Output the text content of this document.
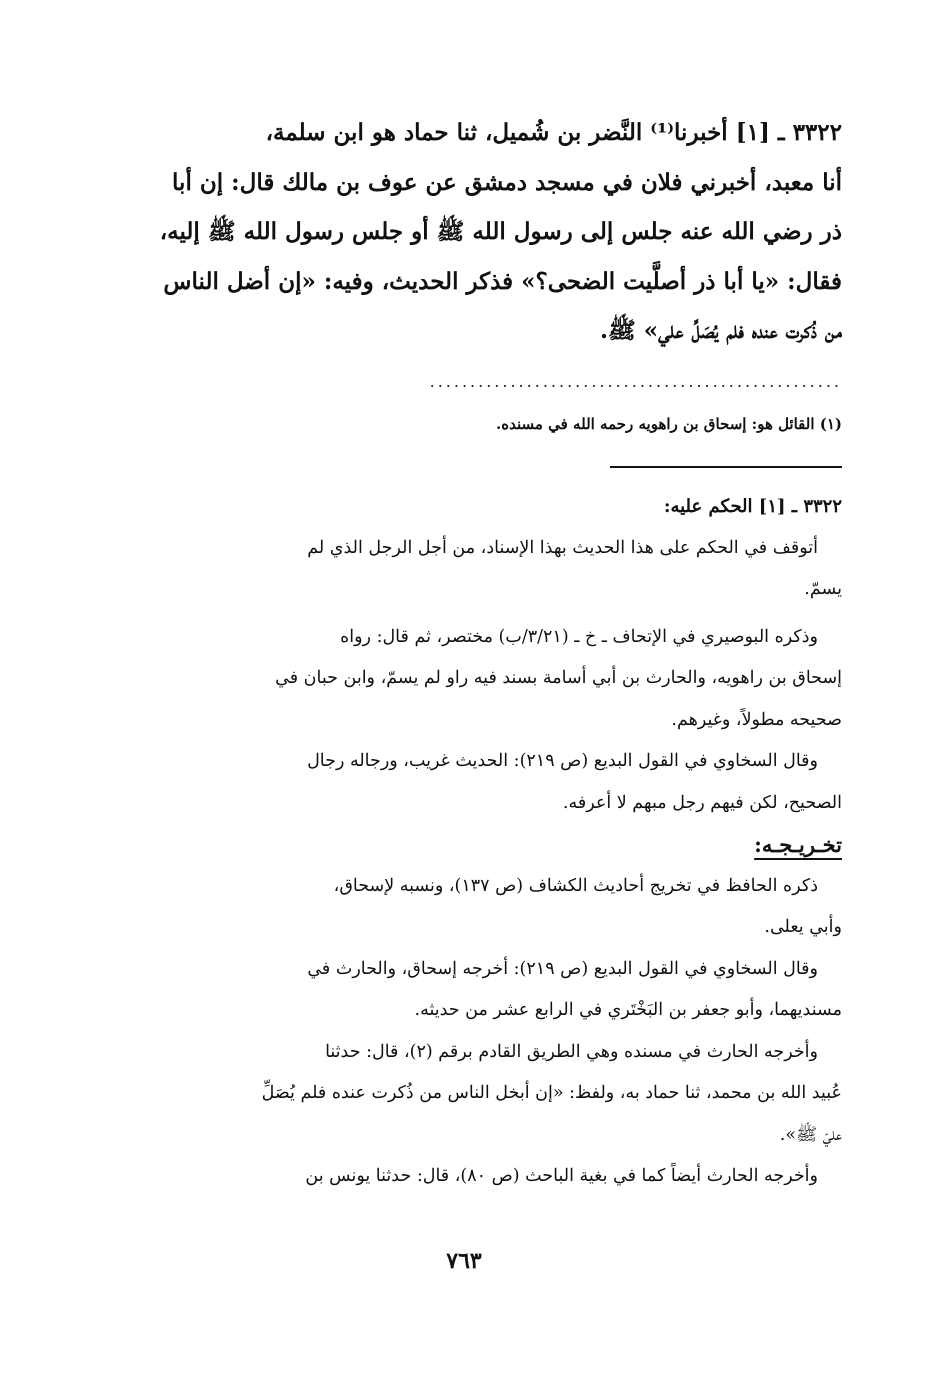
٣٣٢٢ ـ [١] أخبرنا⁽¹⁾ النَّضر بن شُميل، ثنا حماد هو ابن سلمة،
أنا معبد، أخبرني فلان في مسجد دمشق عن عوف بن مالك قال: إن أبا
ذر رضي الله عنه جلس إلى رسول الله ﷺ أو جلس رسول الله ﷺ إليه،
فقال: «يا أبا ذر أصلَّيت الضحى؟» فذكر الحديث، وفيه: «إن أضل الناس
من ذُكرت عنده فلم يُصَلِّ علي» ﷺ.
...................................................
(١) القائل هو: إسحاق بن راهويه رحمه الله في مسنده.
٣٣٢٢ ـ [١] الحكم عليه:
أتوقف في الحكم على هذا الحديث بهذا الإسناد، من أجل الرجل الذي لم
يسمّ.
وذكره البوصيري في الإتحاف ـ خ ـ (٣/٢١/ب) مختصر، ثم قال: رواه
إسحاق بن راهويه، والحارث بن أبي أسامة بسند فيه راو لم يسمّ، وابن حبان في
صحيحه مطولاً، وغيرهم.
وقال السخاوي في القول البديع (ص ٢١٩): الحديث غريب، ورجاله رجال
الصحيح، لكن فيهم رجل مبهم لا أعرفه.
تخـريـجـه:
ذكره الحافظ في تخريج أحاديث الكشاف (ص ١٣٧)، ونسبه لإسحاق،
وأبي يعلى.
وقال السخاوي في القول البديع (ص ٢١٩): أخرجه إسحاق، والحارث في
مسنديهما، وأبو جعفر بن البَخْتَري في الرابع عشر من حديثه.
وأخرجه الحارث في مسنده وهي الطريق القادم برقم (٢)، قال: حدثنا
عُبيد الله بن محمد، ثنا حماد به، ولفظ: «إن أبخل الناس من ذُكرت عنده فلم يُصَلِّ
عليّ ﷺ».
وأخرجه الحارث أيضاً كما في بغية الباحث (ص ٨٠)، قال: حدثنا يونس بن
٧٦٣
